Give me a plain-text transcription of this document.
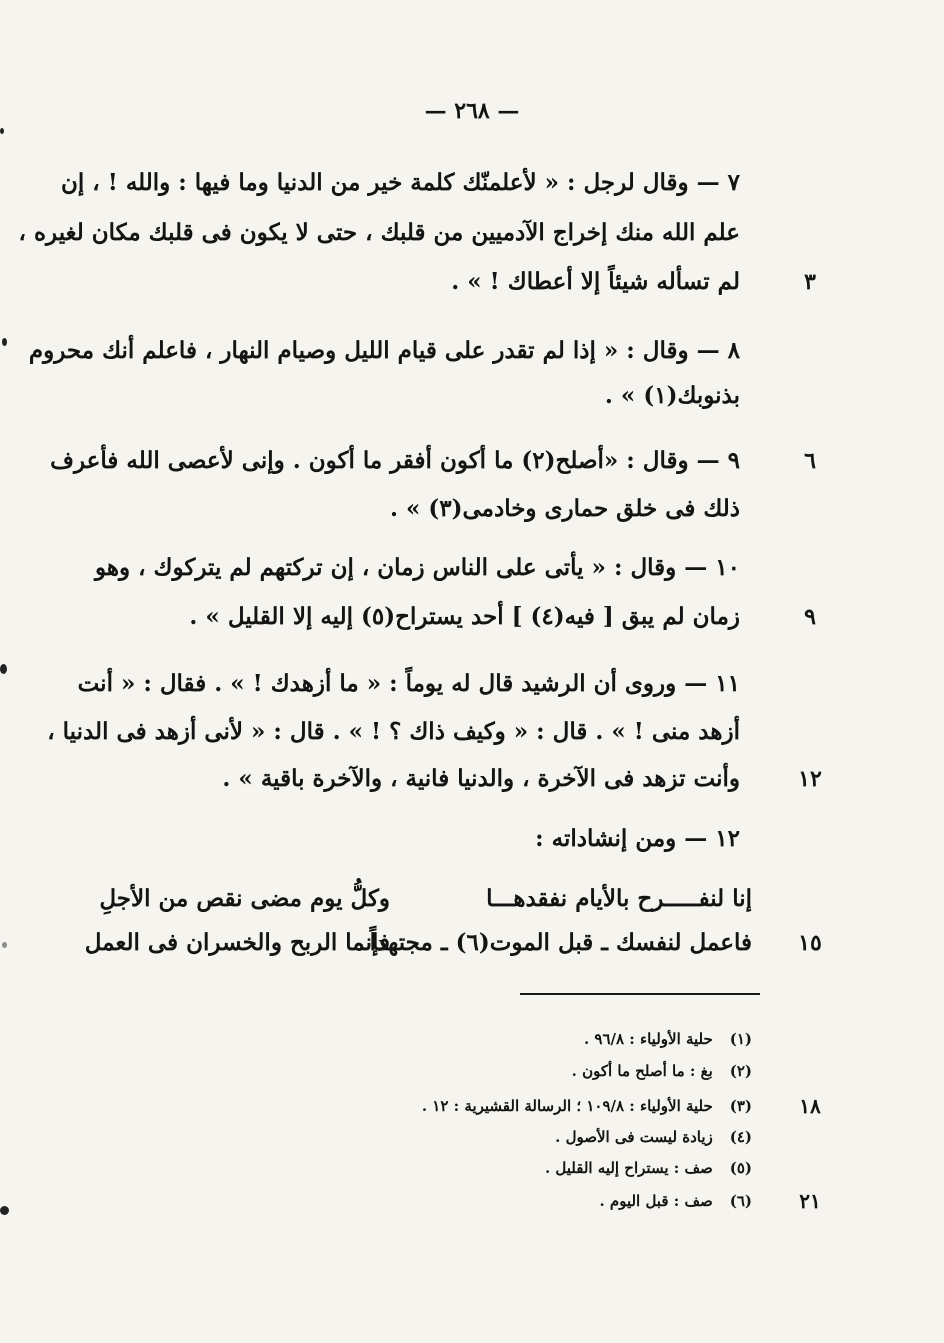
— ٢٦٨ —
٧ — وقال لرجل : « لأعلمنّك كلمة خير من الدنيا وما فيها : والله ! ، إن
علم الله منك إخراج الآدميين من قلبك ، حتى لا يكون فى قلبك مكان لغيره ،
لم تسأله شيئاً إلا أعطاك ! » .	٣
٨ — وقال : « إذا لم تقدر على قيام الليل وصيام النهار ، فاعلم أنك محروم
بذنوبك(١) » .
٩ — وقال : «أصلح(٢) ما أكون أفقر ما أكون . وإنى لأعصى الله فأعرف	٦
ذلك فى خلق حمارى وخادمى(٣) » .
١٠ — وقال : « يأتى على الناس زمان ، إن تركتهم لم يتركوك ، وهو
زمان لم يبق [ فيه(٤) ] أحد يستراح(٥) إليه إلا القليل » .	٩
١١ — وروى أن الرشيد قال له يوماً : « ما أزهدك ! » . فقال : « أنت
أزهد منى ! » . قال : « وكيف ذاك ؟ ! » . قال : « لأنى أزهد فى الدنيا ،
وأنت تزهد فى الآخرة ، والدنيا فانية ، والآخرة باقية » .	١٢
١٢ — ومن إنشاداته :
إنا لنفـــــرح بالأيام نفقدهـــا
وكلُّ يوم مضى نقص من الأجلِ
فاعمل لنفسك ـ قبل الموت(٦) ـ مجتهداً
فإنما الربح والخسران فى العمل	١٥
(١) حلية الأولياء : ٩٦/٨ .
(٢) بغ : ما أصلح ما أكون .
(٣) حلية الأولياء : ١٠٩/٨ ؛ الرسالة القشيرية : ١٢ .	١٨
(٤) زيادة ليست فى الأصول .
(٥) صف : يستراح إليه القليل .
(٦) صف : قبل اليوم .	٢١
